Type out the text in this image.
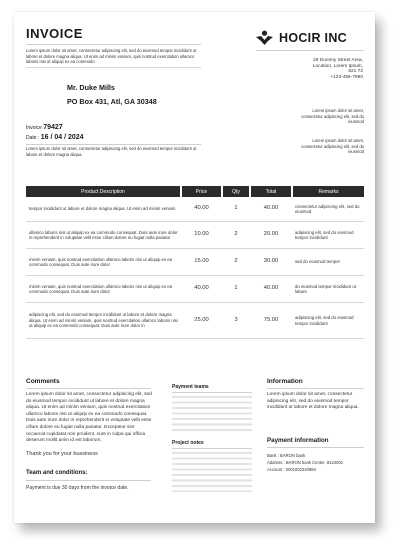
INVOICE
Lorem ipsum dolor sit amet, consectetur adipiscing elit, sed do eiusmod tempor incididunt ut labore et dolore magna aliqua. Ut enim ad minim veniam, quis nostrud exercitation ullamco laboris nisi ut aliquip ex ea commodo
HOCIR INC
29 Dummy Street Area,
Location, Lorem Ipsum,
821 72
+123-456-7890
Mr. Duke Mills
PO Box 431, Atl, GA 30348
Lorem ipsum dolor sit amet, consectetur adipiscing elit, sed do eiusmod
Lorem ipsum dolor sit amet, consectetur adipiscing elit, sed do eiusmod
Invoice 79427
Date : 16 / 04 / 2024
Lorem ipsum dolor sit amet, consectetur adipiscing elit, sed do eiusmod tempor incididunt ut labore et dolore magna aliqua.
Product Description	Price	Qty	Total	Remarks
tempor incididunt ut labore et dolore magna aliqua. Ut enim ad minim veniam	40.00	1	40.00	consectetur adipiscing elit, sed do eiusmod
ullamco laboris nisi ut aliquip ex ea commodo consequat. Duis aute irure dolor in reprehenderit in voluptate velit esse cillum dolore eu fugiat nulla pariatur	10.00	2	20.00	adipiscing elit, sed do eiusmod tempor incididunt
minim veniam, quis nostrud exercitation ullamco laboris nisi ut aliquip ex ea commodo consequat. Duis aute irure dolor	15.00	2	30.00	sed do eiusmod tempor
minim veniam, quis nostrud exercitation ullamco laboris nisi ut aliquip ex ea commodo consequat. Duis aute irure dolor	40.00	1	40.00	do eiusmod tempor incididunt ut labore
adipiscing elit, sed do eiusmod tempor incididunt ut labore et dolore magna aliqua. Ut enim ad minim veniam, quis nostrud exercitation ullamco laboris nisi ut aliquip ex ea commodo consequat. Duis aute irure dolor in	25.00	3	75.00	adipiscing elit, sed do eiusmod tempor incididunt
Comments
Lorem ipsum dolor sit amet, consectetur adipiscing elit, sed do eiusmod tempor incididunt ut labore et dolore magna aliqua. Ut enim ad minim veniam, quis nostrud exercitation ullamco laboris nisi ut aliquip ex ea commodo consequat. Duis aute irure dolor in reprehenderit in voluptate velit esse cillum dolore eu fugiat nulla pariatur. Excepteur sint occaecat cupidatat non proident, sunt in culpa qui officia deserunt mollit anim id est laborum.
Thank you for your bussiness
Team and conditions:
Payment is due 30 days from the invoice date.
Payment teams
Project notes
Information
Lorem ipsum dolor sit amet, consectetur adipiscing elit, sed do eiusmod tempor incididunt ut labore et dolore magna aliqua.
Payment information
Bank : BARON bank
Address : BARON bank Center, 8124001
Account : 0001002340984
